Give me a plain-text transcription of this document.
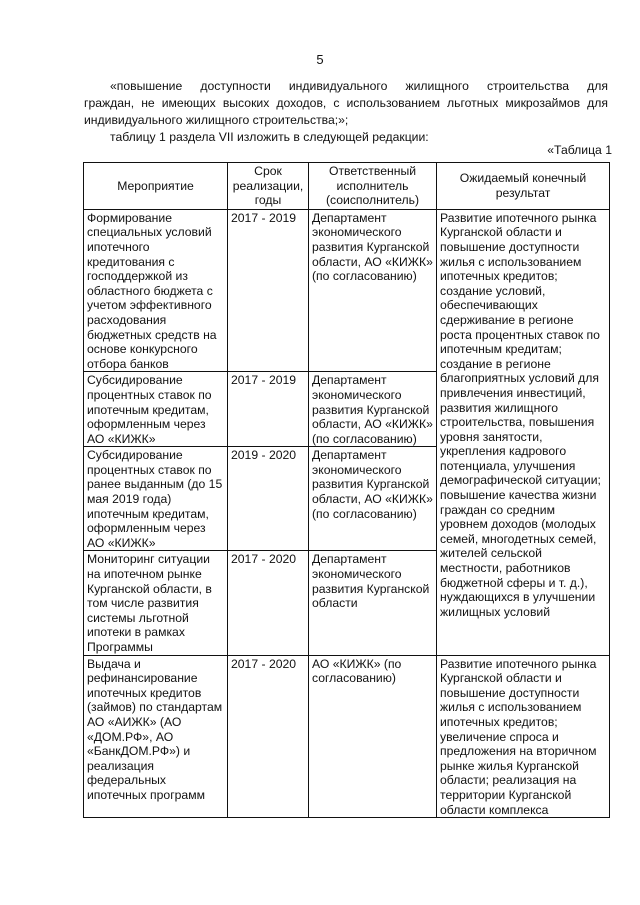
5

«повышение доступности индивидуального жилищного строительства для

граждан, не имеющих высоких доходов, с использованием льготных микрозаймов для

индивидуального жилищного строительства;»;

таблицу 1 раздела VII изложить в следующей редакции:

«Таблица 1
Мероприятие	Срок реализации, годы	Ответственный исполнитель (соисполнитель)	Ожидаемый конечный результат
Формирование специальных условий ипотечного кредитования с господдержкой из областного бюджета с учетом эффективного расходования бюджетных средств на основе конкурсного отбора банков	2017 - 2019	Департамент экономического развития Курганской области, АО «КИЖК» (по согласованию)	Развитие ипотечного рынка Курганской области и повышение доступности жилья с использованием ипотечных кредитов; создание условий, обеспечивающих сдерживание в регионе роста процентных ставок по ипотечным кредитам; создание в регионе благоприятных условий для привлечения инвестиций, развития жилищного строительства, повышения уровня занятости, укрепления кадрового потенциала, улучшения демографической ситуации; повышение качества жизни граждан со средним уровнем доходов (молодых семей, многодетных семей, жителей сельской местности, работников бюджетной сферы и т. д.), нуждающихся в улучшении жилищных условий
Субсидирование процентных ставок по ипотечным кредитам, оформленным через АО «КИЖК»	2017 - 2019	Департамент экономического развития Курганской области, АО «КИЖК» (по согласованию)	
Субсидирование процентных ставок по ранее выданным (до 15 мая 2019 года) ипотечным кредитам, оформленным через АО «КИЖК»	2019 - 2020	Департамент экономического развития Курганской области, АО «КИЖК» (по согласованию)	
Мониторинг ситуации на ипотечном рынке Курганской области, в том числе развития системы льготной ипотеки в рамках Программы	2017 - 2020	Департамент экономического развития Курганской области	
Выдача и рефинансирование ипотечных кредитов (займов) по стандартам АО «АИЖК» (АО «ДОМ.РФ», АО «БанкДОМ.РФ») и реализация федеральных ипотечных программ	2017 - 2020	АО «КИЖК» (по согласованию)	Развитие ипотечного рынка Курганской области и повышение доступности жилья с использованием ипотечных кредитов; увеличение спроса и предложения на вторичном рынке жилья Курганской области; реализация на территории Курганской области комплекса
